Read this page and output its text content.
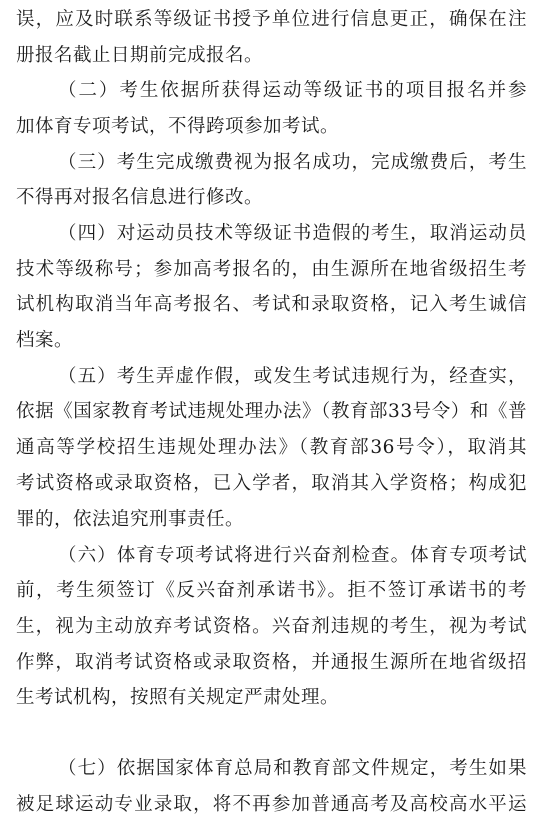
误，应及时联系等级证书授予单位进行信息更正，确保在注
册报名截止日期前完成报名。
（二）考生依据所获得运动等级证书的项目报名并参
加体育专项考试，不得跨项参加考试。
（三）考生完成缴费视为报名成功，完成缴费后，考生
不得再对报名信息进行修改。
（四）对运动员技术等级证书造假的考生，取消运动员
技术等级称号；参加高考报名的，由生源所在地省级招生考
试机构取消当年高考报名、考试和录取资格，记入考生诚信
档案。
（五）考生弄虚作假，或发生考试违规行为，经查实，
依据《国家教育考试违规处理办法》（教育部33号令）和《普
通高等学校招生违规处理办法》（教育部36号令），取消其
考试资格或录取资格，已入学者，取消其入学资格；构成犯
罪的，依法追究刑事责任。
（六）体育专项考试将进行兴奋剂检查。体育专项考试
前，考生须签订《反兴奋剂承诺书》。拒不签订承诺书的考
生，视为主动放弃考试资格。兴奋剂违规的考生，视为考试
作弊，取消考试资格或录取资格，并通报生源所在地省级招
生考试机构，按照有关规定严肃处理。
（七）依据国家体育总局和教育部文件规定，考生如果
被足球运动专业录取，将不再参加普通高考及高校高水平运
